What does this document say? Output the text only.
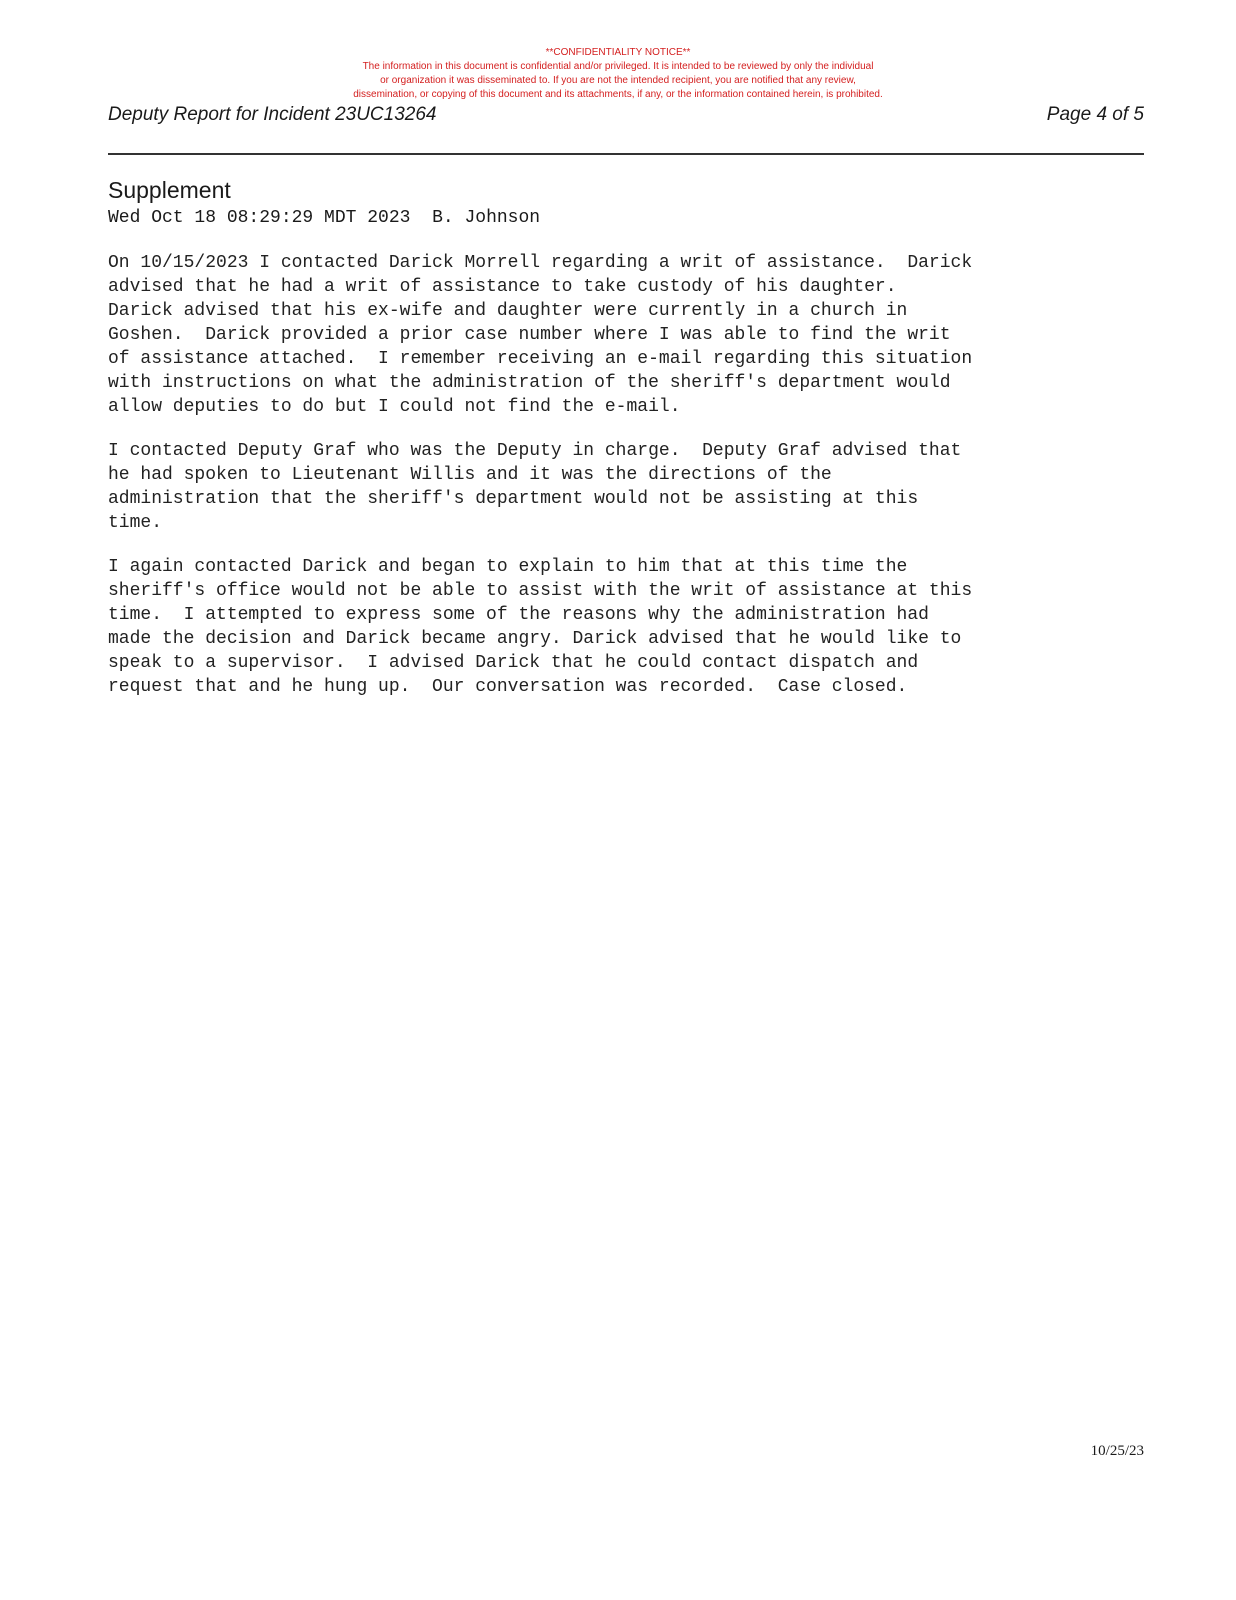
**CONFIDENTIALITY NOTICE**
The information in this document is confidential and/or privileged. It is intended to be reviewed by only the individual
or organization it was disseminated to. If you are not the intended recipient, you are notified that any review,
dissemination, or copying of this document and its attachments, if any, or the information contained herein, is prohibited.
Deputy Report for Incident 23UC13264	Page 4 of 5
Supplement
Wed Oct 18 08:29:29 MDT 2023 B. Johnson
On 10/15/2023 I contacted Darick Morrell regarding a writ of assistance.  Darick
advised that he had a writ of assistance to take custody of his daughter.
Darick advised that his ex-wife and daughter were currently in a church in
Goshen.  Darick provided a prior case number where I was able to find the writ
of assistance attached.  I remember receiving an e-mail regarding this situation
with instructions on what the administration of the sheriff's department would
allow deputies to do but I could not find the e-mail.
I contacted Deputy Graf who was the Deputy in charge.  Deputy Graf advised that
he had spoken to Lieutenant Willis and it was the directions of the
administration that the sheriff's department would not be assisting at this
time.
I again contacted Darick and began to explain to him that at this time the
sheriff's office would not be able to assist with the writ of assistance at this
time.  I attempted to express some of the reasons why the administration had
made the decision and Darick became angry. Darick advised that he would like to
speak to a supervisor.  I advised Darick that he could contact dispatch and
request that and he hung up.  Our conversation was recorded.  Case closed.
10/25/23
